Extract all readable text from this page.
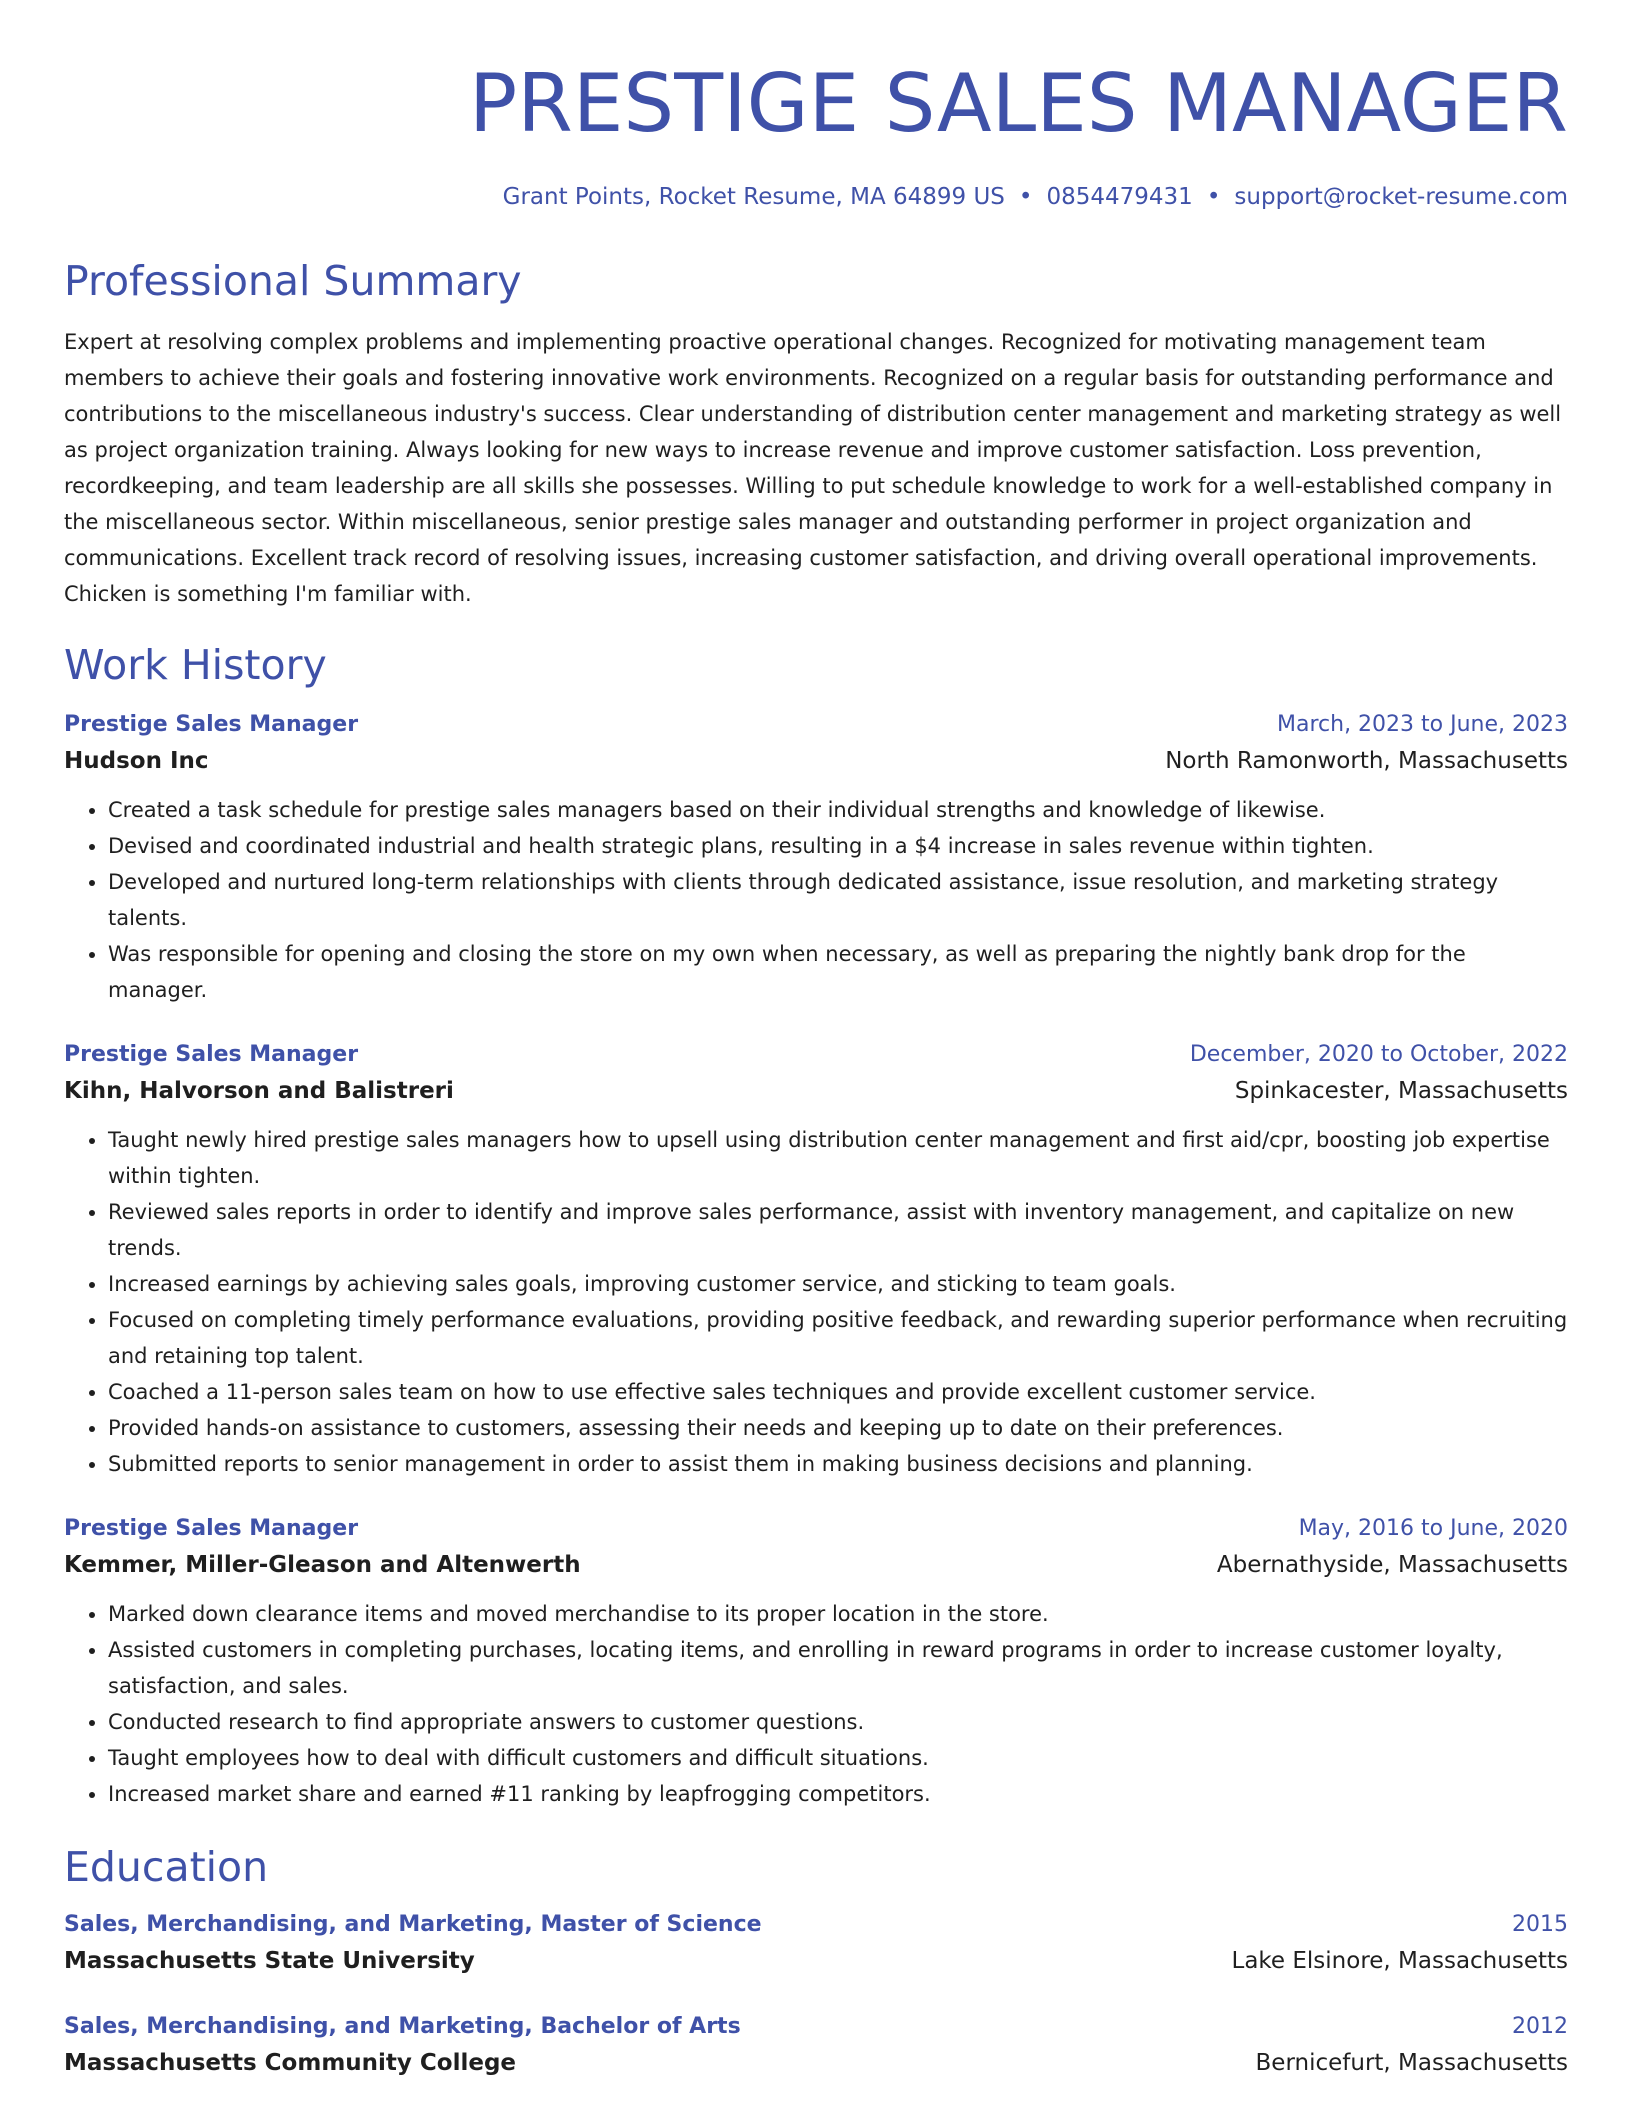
PRESTIGE SALES MANAGER
Grant Points, Rocket Resume, MA 64899 US • 0854479431 • support@rocket-resume.com
Professional Summary
Expert at resolving complex problems and implementing proactive operational changes. Recognized for motivating management team members to achieve their goals and fostering innovative work environments. Recognized on a regular basis for outstanding performance and contributions to the miscellaneous industry's success. Clear understanding of distribution center management and marketing strategy as well as project organization training. Always looking for new ways to increase revenue and improve customer satisfaction. Loss prevention, recordkeeping, and team leadership are all skills she possesses. Willing to put schedule knowledge to work for a well-established company in the miscellaneous sector. Within miscellaneous, senior prestige sales manager and outstanding performer in project organization and communications. Excellent track record of resolving issues, increasing customer satisfaction, and driving overall operational improvements. Chicken is something I'm familiar with.
Work History
Prestige Sales Manager	March, 2023 to June, 2023
Hudson Inc	North Ramonworth, Massachusetts
• Created a task schedule for prestige sales managers based on their individual strengths and knowledge of likewise.
• Devised and coordinated industrial and health strategic plans, resulting in a $4 increase in sales revenue within tighten.
• Developed and nurtured long-term relationships with clients through dedicated assistance, issue resolution, and marketing strategy talents.
• Was responsible for opening and closing the store on my own when necessary, as well as preparing the nightly bank drop for the manager.
Prestige Sales Manager	December, 2020 to October, 2022
Kihn, Halvorson and Balistreri	Spinkacester, Massachusetts
• Taught newly hired prestige sales managers how to upsell using distribution center management and first aid/cpr, boosting job expertise within tighten.
• Reviewed sales reports in order to identify and improve sales performance, assist with inventory management, and capitalize on new trends.
• Increased earnings by achieving sales goals, improving customer service, and sticking to team goals.
• Focused on completing timely performance evaluations, providing positive feedback, and rewarding superior performance when recruiting and retaining top talent.
• Coached a 11-person sales team on how to use effective sales techniques and provide excellent customer service.
• Provided hands-on assistance to customers, assessing their needs and keeping up to date on their preferences.
• Submitted reports to senior management in order to assist them in making business decisions and planning.
Prestige Sales Manager	May, 2016 to June, 2020
Kemmer, Miller-Gleason and Altenwerth	Abernathyside, Massachusetts
• Marked down clearance items and moved merchandise to its proper location in the store.
• Assisted customers in completing purchases, locating items, and enrolling in reward programs in order to increase customer loyalty, satisfaction, and sales.
• Conducted research to find appropriate answers to customer questions.
• Taught employees how to deal with difficult customers and difficult situations.
• Increased market share and earned #11 ranking by leapfrogging competitors.
Education
Sales, Merchandising, and Marketing, Master of Science	2015
Massachusetts State University	Lake Elsinore, Massachusetts
Sales, Merchandising, and Marketing, Bachelor of Arts	2012
Massachusetts Community College	Bernicefurt, Massachusetts
